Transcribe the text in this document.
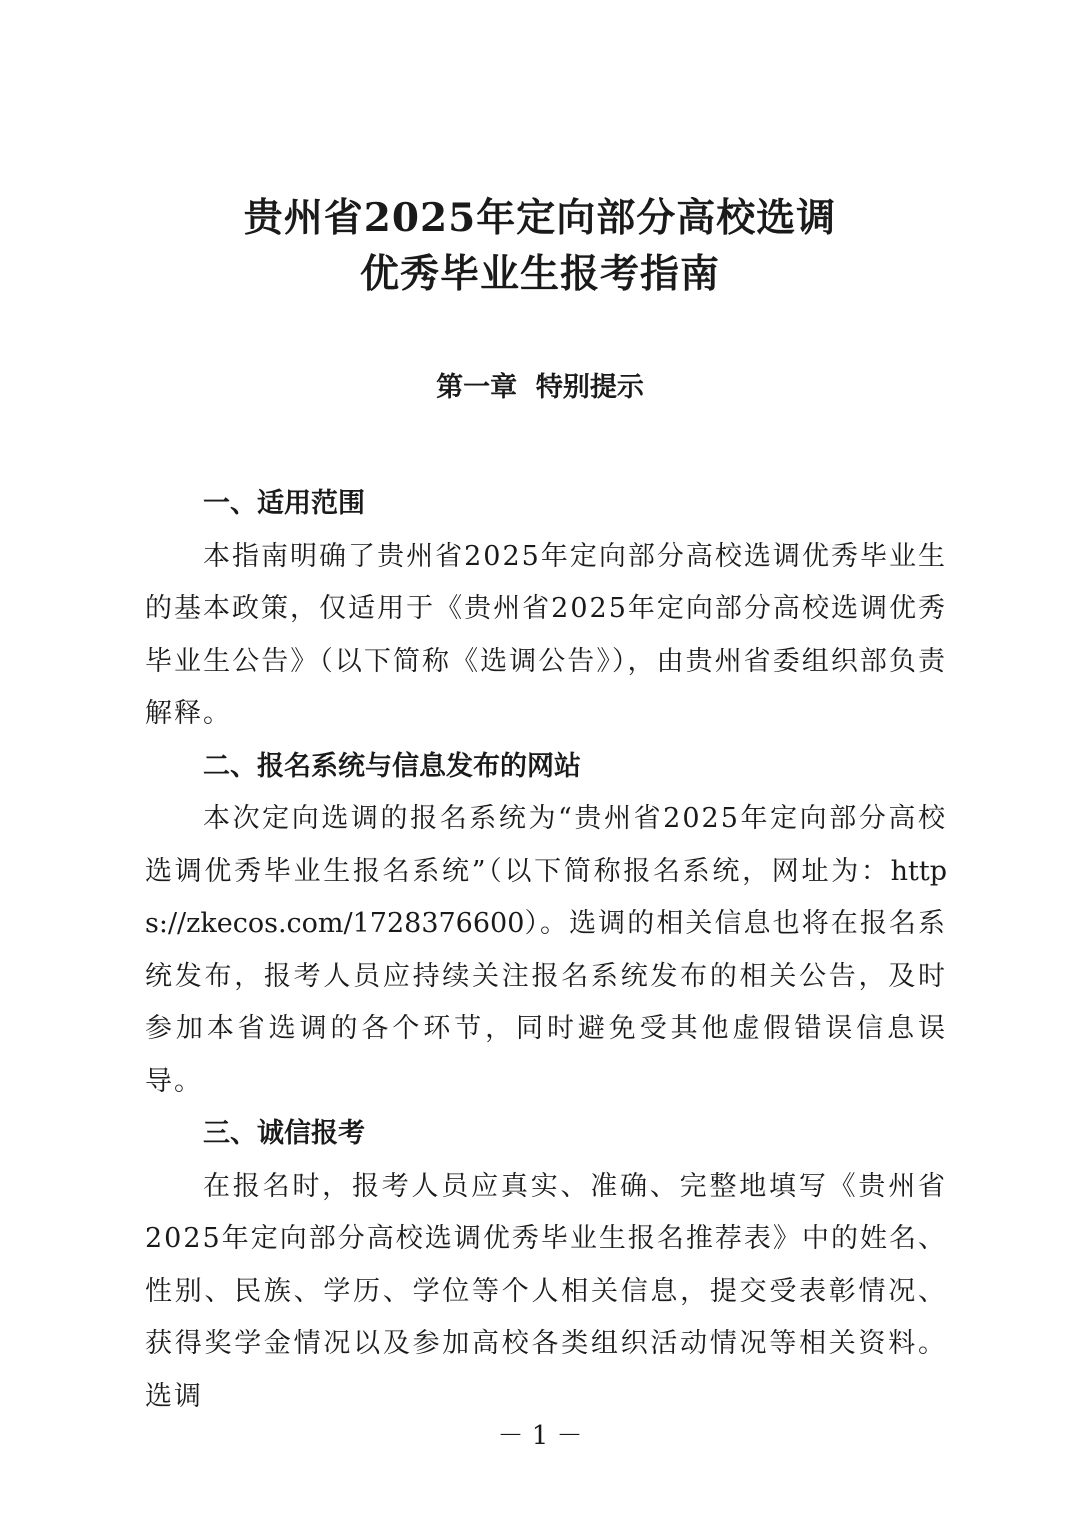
贵州省2025年定向部分高校选调
优秀毕业生报考指南
第一章  特别提示

一、适用范围

本指南明确了贵州省2025年定向部分高校选调优秀毕业生的基本政策，仅适用于《贵州省2025年定向部分高校选调优秀毕业生公告》（以下简称《选调公告》），由贵州省委组织部负责解释。

二、报名系统与信息发布的网站

本次定向选调的报名系统为“贵州省2025年定向部分高校选调优秀毕业生报名系统”（以下简称报名系统，网址为：https://zkecos.com/1728376600）。选调的相关信息也将在报名系统发布，报考人员应持续关注报名系统发布的相关公告，及时参加本省选调的各个环节，同时避免受其他虚假错误信息误导。

三、诚信报考

在报名时，报考人员应真实、准确、完整地填写《贵州省2025年定向部分高校选调优秀毕业生报名推荐表》中的姓名、性别、民族、学历、学位等个人相关信息，提交受表彰情况、获得奖学金情况以及参加高校各类组织活动情况等相关资料。选调

－ 1 －
